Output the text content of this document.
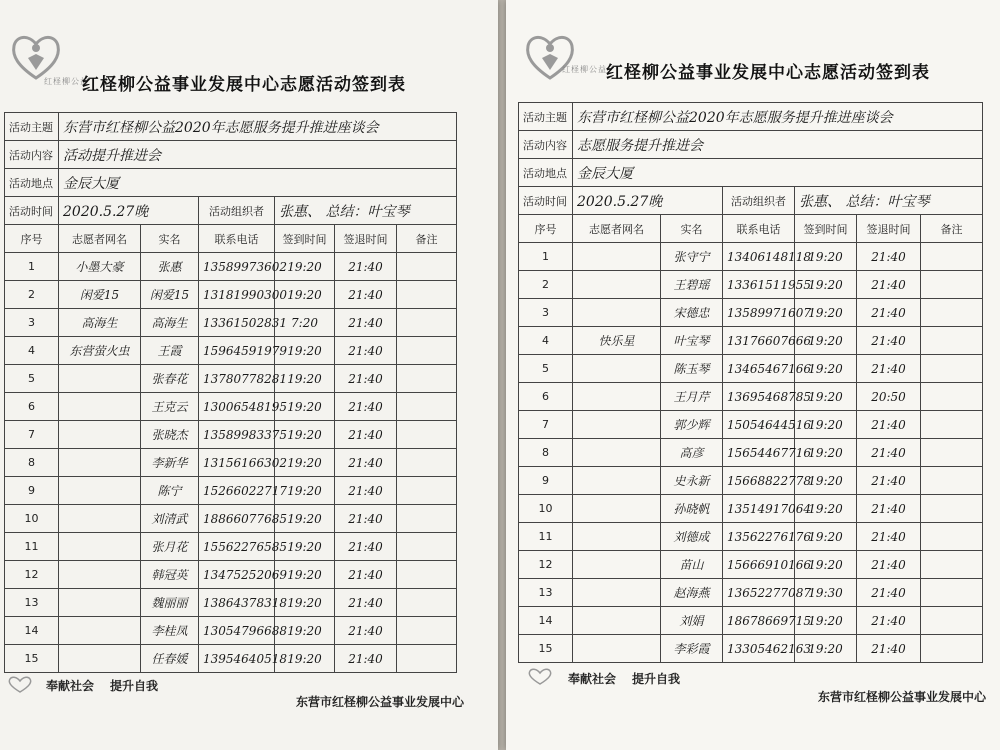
红柽柳公益
红柽柳公益事业发展中心志愿活动签到表
活动主题	东营市红柽柳公益2020年志愿服务提升推进座谈会					
活动内容	活动提升推进会					
活动地点	金辰大厦					
活动时间	2020.5.27晚		活动组织者	张惠、 总结：叶宝琴		
序号	志愿者网名	实名	联系电话	签到时间	签退时间	备注
1	小墨大豪	张惠	13589973602	19:20	21:40	
2	闲爱15	闲爱15	13181990300	19:20	21:40	
3	高海生	高海生	13361502831	7:20	21:40	
4	东营萤火虫	王霞	15964591979	19:20	21:40	
5		张春花	13780778281	19:20	21:40	
6		王克云	13006548195	19:20	21:40	
7		张晓杰	13589983375	19:20	21:40	
8		李新华	13156166302	19:20	21:40	
9		陈宁	15266022717	19:20	21:40	
10		刘清武	18866077685	19:20	21:40	
11		张月花	15562276585	19:20	21:40	
12		韩冠英	13475252069	19:20	21:40	
13		魏丽丽	13864378318	19:20	21:40	
14		李桂凤	13054796688	19:20	21:40	
15		任春媛	13954640518	19:20	21:40	
奉献社会 提升自我
东营市红柽柳公益事业发展中心
红柽柳公益 红柽柳公益事业发展中心志愿活动签到表
活动主题	东营市红柽柳公益2020年志愿服务提升推进座谈会					
活动内容	志愿服务提升推进会					
活动地点	金辰大厦					
活动时间	2020.5.27晚		活动组织者	张惠、 总结：叶宝琴		
序号	志愿者网名	实名	联系电话	签到时间	签退时间	备注
1		张守宁	13406148118	19:20	21:40	
2		王碧瑶	13361511955	19:20	21:40	
3		宋德忠	13589971607	19:20	21:40	
4	快乐星	叶宝琴	13176607666	19:20	21:40	
5		陈玉琴	13465467166	19:20	21:40	
6		王月芹	13695468785	19:20	20:50	
7		郭少辉	15054644516	19:20	21:40	
8		高彦	15654467716	19:20	21:40	
9		史永新	15668822778	19:20	21:40	
10		孙晓帆	13514917064	19:20	21:40	
11		刘德成	13562276176	19:20	21:40	
12		苗山	15666910166	19:20	21:40	
13		赵海燕	13652277087	19:30	21:40	
14		刘娟	18678669715	19:20	21:40	
15		李彩霞	13305462163	19:20	21:40	
奉献社会 提升自我
东营市红柽柳公益事业发展中心
